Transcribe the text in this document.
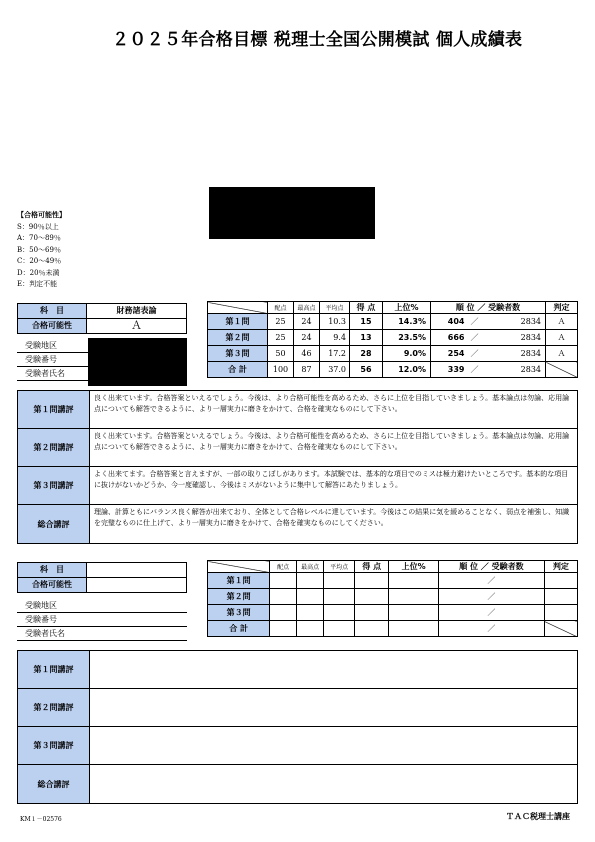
２０２５年合格目標 税理士全国公開模試 個人成績表
【合格可能性】
S：90％以上
A：70～89％
B：50～69％
C：20～49％
D：20％未満
E：判定不能
科　目	財務諸表論
合格可能性	Ａ
受験地区
受験番号
受験者氏名
	配点	最高点	平均点	得 点	上位%	順 位 ／ 受験者数			判定
第１問	25	24	10.3	15	14.3%	404	／	2834	Ａ
第２問	25	24	9.4	13	23.5%	666	／	2834	Ａ
第３問	50	46	17.2	28	9.0%	254	／	2834	Ａ
合 計	100	87	37.0	56	12.0%	339	／	2834	
第１問講評
良く出来ています。合格答案といえるでしょう。今後は、より合格可能性を高めるため、さらに上位を目指していきましょう。基本論点は勿論、応用論点についても解答できるように、より一層実力に磨きをかけて、合格を確実なものにして下さい。
第２問講評
良く出来ています。合格答案といえるでしょう。今後は、より合格可能性を高めるため、さらに上位を目指していきましょう。基本論点は勿論、応用論点についても解答できるように、より一層実力に磨きをかけて、合格を確実なものにして下さい。
第３問講評
よく出来てます。合格答案と言えますが、一部の取りこぼしがあります。本試験では、基本的な項目でのミスは極力避けたいところです。基本的な項目に抜けがないかどうか、今一度確認し、今後はミスがないように集中して解答にあたりましょう。
総合講評
理論、計算ともにバランス良く解答が出来ており、全体として合格レベルに達しています。今後はこの結果に気を緩めることなく、弱点を補強し、知識を完璧なものに仕上げて、より一層実力に磨きをかけて、合格を確実なものにしてください。
科　目
合格可能性
受験地区
受験番号
受験者氏名
	配点	最高点	平均点	得 点	上位%	順 位 ／ 受験者数	判定
第１問						／	
第２問						／	
第３問						／	
合 計						／	
第１問講評
第２問講評
第３問講評
総合講評
KM１－02576	ＴＡＣ税理士講座
